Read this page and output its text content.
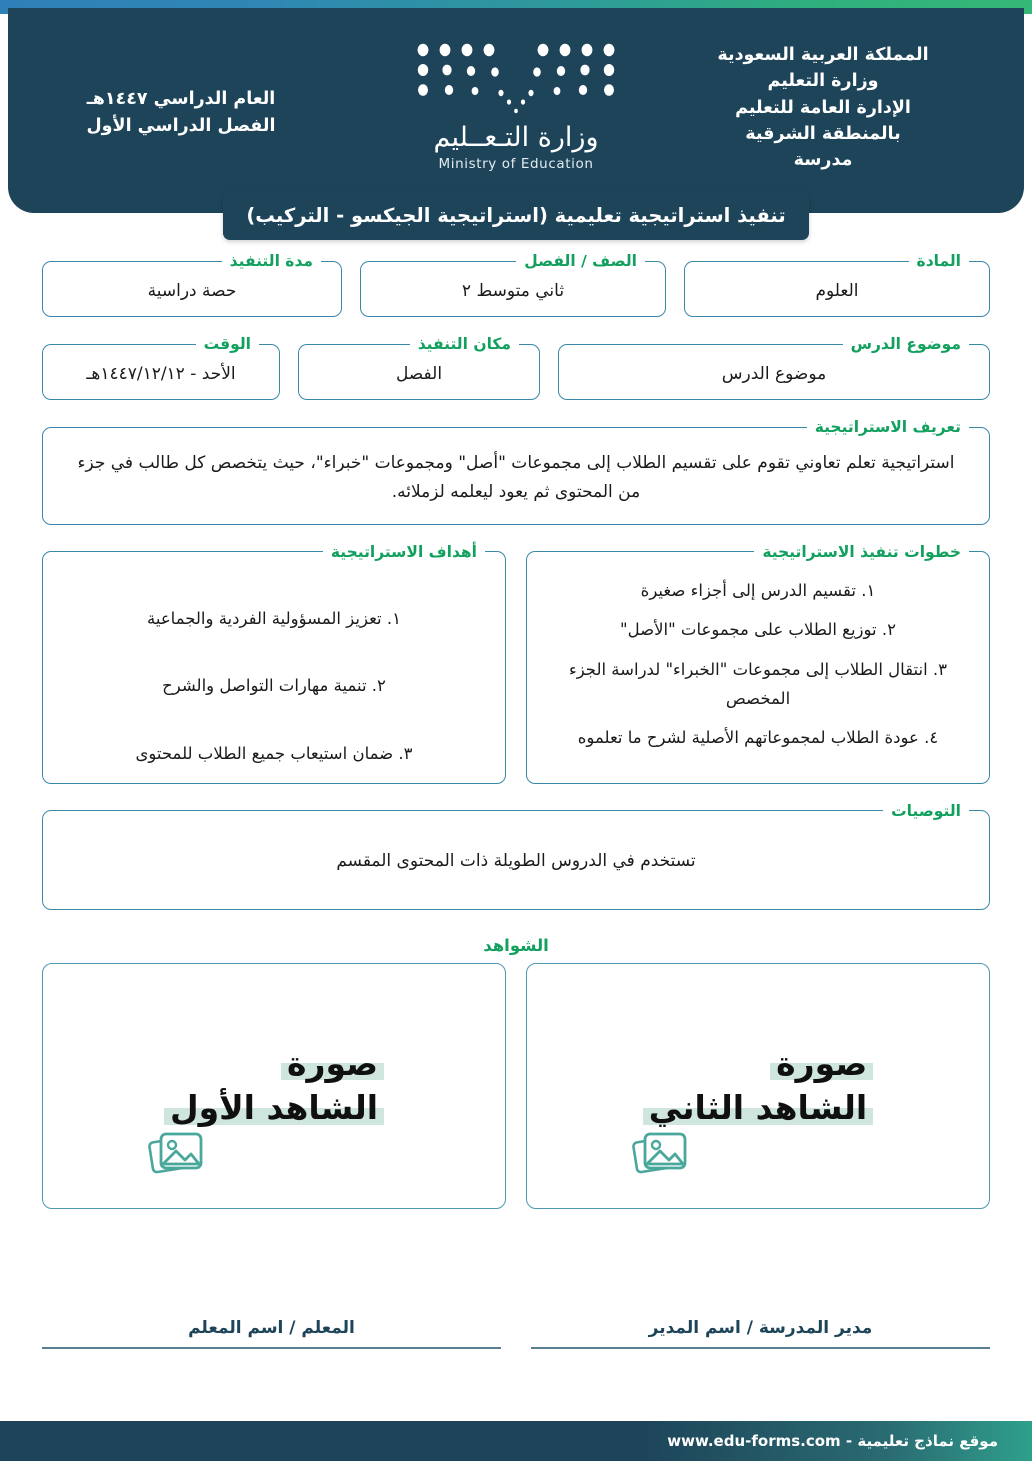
المملكة العربية السعودية
وزارة التعليم
الإدارة العامة للتعليم
بالمنطقة الشرقية
مدرسة
وزارة التـعــليم
Ministry of Education
العام الدراسي ١٤٤٧هـ
الفصل الدراسي الأول
تنفيذ استراتيجية تعليمية (استراتيجية الجيكسو - التركيب)
المادة
العلوم
الصف / الفصل
ثاني متوسط ٢
مدة التنفيذ
حصة دراسية
موضوع الدرس
موضوع الدرس
مكان التنفيذ
الفصل
الوقت
الأحد - ١٤٤٧/١٢/١٢هـ
تعريف الاستراتيجية
استراتيجية تعلم تعاوني تقوم على تقسيم الطلاب إلى مجموعات "أصل" ومجموعات "خبراء"، حيث يتخصص كل طالب في جزء من المحتوى ثم يعود ليعلمه لزملائه.
خطوات تنفيذ الاستراتيجية
١. تقسيم الدرس إلى أجزاء صغيرة
٢. توزيع الطلاب على مجموعات "الأصل"
٣. انتقال الطلاب إلى مجموعات "الخبراء" لدراسة الجزء المخصص
٤. عودة الطلاب لمجموعاتهم الأصلية لشرح ما تعلموه
أهداف الاستراتيجية
١. تعزيز المسؤولية الفردية والجماعية
٢. تنمية مهارات التواصل والشرح
٣. ضمان استيعاب جميع الطلاب للمحتوى
التوصيات
تستخدم في الدروس الطويلة ذات المحتوى المقسم
الشواهد
صورة
الشاهد الثاني
صورة
الشاهد الأول
مدير المدرسة / اسم المدير
المعلم / اسم المعلم
موقع نماذج تعليمية - www.edu-forms.com
